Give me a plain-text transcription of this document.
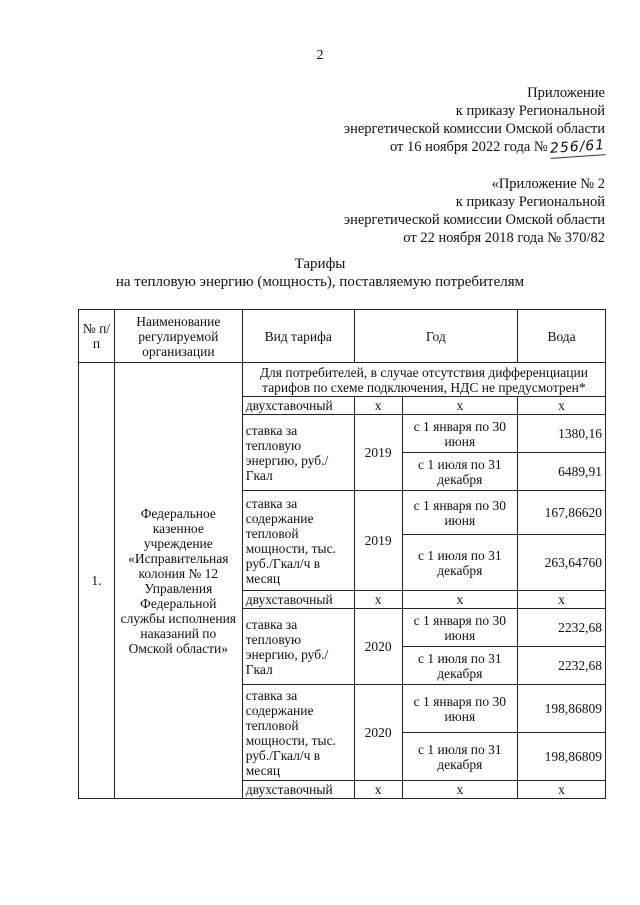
2
Приложение
к приказу Региональной
энергетической комиссии Омской области
от 16 ноября 2022 года №256/61
«Приложение № 2
к приказу Региональной
энергетической комиссии Омской области
от 22 ноября 2018 года № 370/82
Тарифы
на тепловую энергию (мощность), поставляемую потребителям
№ п/п	Наименование регулируемой организации	Вид тарифа	Год		Вода
1.	Федеральное казенное учреждение «Исправительная колония № 12 Управления Федеральной службы исполнения наказаний по Омской области»	Для потребителей, в случае отсутствия дифференциации тарифов по схеме подключения, НДС не предусмотрен*			
		двухставочный	х	х	х
		ставка за тепловую энергию, руб./Гкал	2019	с 1 января по 30 июня	1380,16
				с 1 июля по 31 декабря	6489,91
		ставка за содержание тепловой мощности, тыс. руб./Гкал/ч в месяц	2019	с 1 января по 30 июня	167,86620
				с 1 июля по 31 декабря	263,64760
		двухставочный	х	х	х
		ставка за тепловую энергию, руб./Гкал	2020	с 1 января по 30 июня	2232,68
				с 1 июля по 31 декабря	2232,68
		ставка за содержание тепловой мощности, тыс. руб./Гкал/ч в месяц	2020	с 1 января по 30 июня	198,86809
				с 1 июля по 31 декабря	198,86809
		двухставочный	х	х	х
